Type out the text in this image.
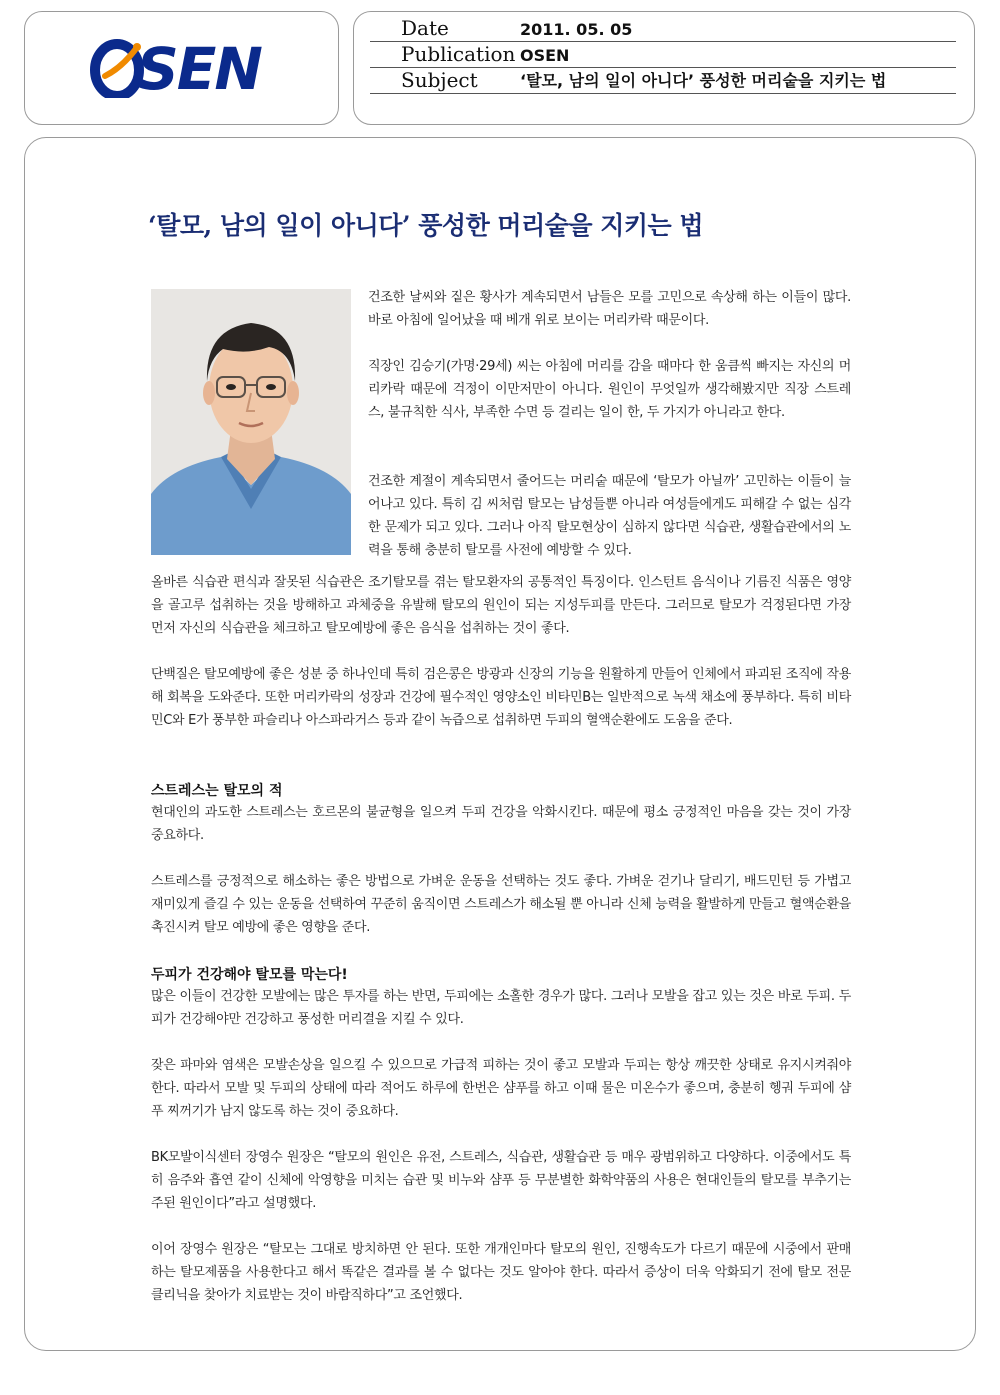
SEN
Date	2011. 05. 05
Publication OSEN
Subject	‘탈모, 남의 일이 아니다’ 풍성한 머리숱을 지키는 법
‘탈모, 남의 일이 아니다’ 풍성한 머리숱을 지키는 법

건조한 날씨와 짙은 황사가 계속되면서 남들은 모를 고민으로 속상해 하는 이들이 많다. 바로 아침에 일어났을 때 베개 위로 보이는 머리카락 때문이다.

직장인 김승기(가명·29세) 씨는 아침에 머리를 감을 때마다 한 움큼씩 빠지는 자신의 머리카락 때문에 걱정이 이만저만이 아니다. 원인이 무엇일까 생각해봤지만 직장 스트레스, 불규칙한 식사, 부족한 수면 등 걸리는 일이 한, 두 가지가 아니라고 한다.

건조한 계절이 계속되면서 줄어드는 머리숱 때문에 ‘탈모가 아닐까’ 고민하는 이들이 늘어나고 있다. 특히 김 씨처럼 탈모는 남성들뿐 아니라 여성들에게도 피해갈 수 없는 심각한 문제가 되고 있다. 그러나 아직 탈모현상이 심하지 않다면 식습관, 생활습관에서의 노력을 통해 충분히 탈모를 사전에 예방할 수 있다.

올바른 식습관 편식과 잘못된 식습관은 조기탈모를 겪는 탈모환자의 공통적인 특징이다. 인스턴트 음식이나 기름진 식품은 영양을 골고루 섭취하는 것을 방해하고 과체중을 유발해 탈모의 원인이 되는 지성두피를 만든다. 그러므로 탈모가 걱정된다면 가장 먼저 자신의 식습관을 체크하고 탈모예방에 좋은 음식을 섭취하는 것이 좋다.

단백질은 탈모예방에 좋은 성분 중 하나인데 특히 검은콩은 방광과 신장의 기능을 원활하게 만들어 인체에서 파괴된 조직에 작용해 회복을 도와준다. 또한 머리카락의 성장과 건강에 필수적인 영양소인 비타민B는 일반적으로 녹색 채소에 풍부하다. 특히 비타민C와 E가 풍부한 파슬리나 아스파라거스 등과 같이 녹즙으로 섭취하면 두피의 혈액순환에도 도움을 준다.

스트레스는 탈모의 적

현대인의 과도한 스트레스는 호르몬의 불균형을 일으켜 두피 건강을 악화시킨다. 때문에 평소 긍정적인 마음을 갖는 것이 가장 중요하다.

스트레스를 긍정적으로 해소하는 좋은 방법으로 가벼운 운동을 선택하는 것도 좋다. 가벼운 걷기나 달리기, 배드민턴 등 가볍고 재미있게 즐길 수 있는 운동을 선택하여 꾸준히 움직이면 스트레스가 해소될 뿐 아니라 신체 능력을 활발하게 만들고 혈액순환을 촉진시켜 탈모 예방에 좋은 영향을 준다.

두피가 건강해야 탈모를 막는다!

많은 이들이 건강한 모발에는 많은 투자를 하는 반면, 두피에는 소홀한 경우가 많다. 그러나 모발을 잡고 있는 것은 바로 두피. 두피가 건강해야만 건강하고 풍성한 머리결을 지킬 수 있다.

잦은 파마와 염색은 모발손상을 일으킬 수 있으므로 가급적 피하는 것이 좋고 모발과 두피는 항상 깨끗한 상태로 유지시켜줘야 한다. 따라서 모발 및 두피의 상태에 따라 적어도 하루에 한번은 샴푸를 하고 이때 물은 미온수가 좋으며, 충분히 헹궈 두피에 샴푸 찌꺼기가 남지 않도록 하는 것이 중요하다.

BK모발이식센터 장영수 원장은 “탈모의 원인은 유전, 스트레스, 식습관, 생활습관 등 매우 광범위하고 다양하다. 이중에서도 특히 음주와 흡연 같이 신체에 악영향을 미치는 습관 및 비누와 샴푸 등 무분별한 화학약품의 사용은 현대인들의 탈모를 부추기는 주된 원인이다”라고 설명했다.

이어 장영수 원장은 “탈모는 그대로 방치하면 안 된다. 또한 개개인마다 탈모의 원인, 진행속도가 다르기 때문에 시중에서 판매하는 탈모제품을 사용한다고 해서 똑같은 결과를 볼 수 없다는 것도 알아야 한다. 따라서 증상이 더욱 악화되기 전에 탈모 전문 클리닉을 찾아가 치료받는 것이 바람직하다”고 조언했다.
